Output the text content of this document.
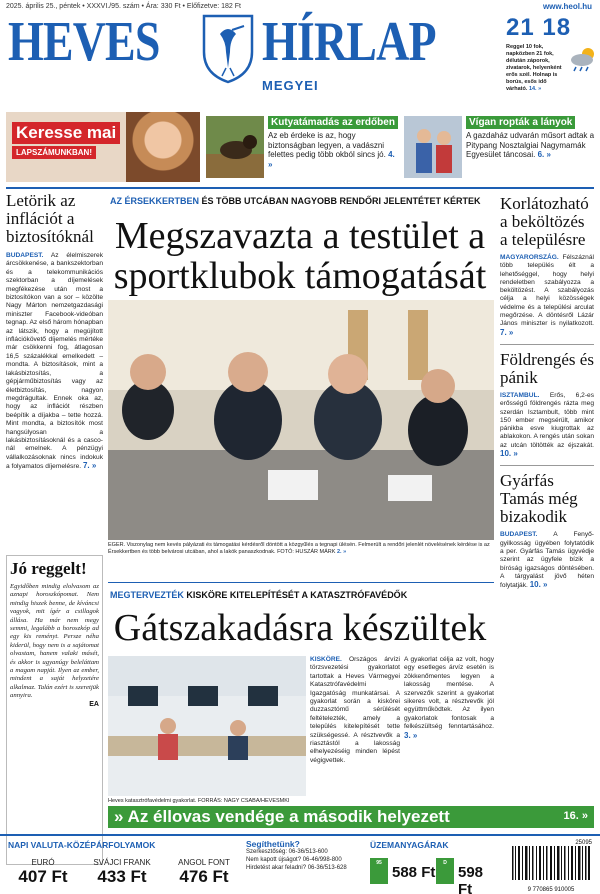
2025. április 25., péntek • XXXVI./95. szám • Ára: 330 Ft • Előfizetve: 182 Ft	www.heol.hu
HEVES HÍRLAP
MEGYEI
21 18
Reggel 10 fok, napközben 21 fok, délután záporok, zivatarok, helyenként erős szél. Holnap is borús, esős idő várható. 14. »
Keresse mai
LAPSZÁMUNKBAN!
Kutyatámadás az erdőben
Az eb érdeke is az, hogy biztonságban legyen, a vadászni felettes pedig több okból sincs jó. 4. »
Vígan ropták a lányok
A gazdaház udvarán műsort adtak a Pitypang Nosztalgiai Nagymamák Egyesület táncosai. 6. »
Letörik az inflációt a biztosítóknál
BUDAPEST. Az élelmiszerek árcsökkenése, a bankszektorban és a telekommunikációs szektorban a díjemelések megfékezése után most a biztosítókon van a sor – közölte Nagy Márton nemzetgazdasági miniszter Facebook-videóban tegnap. Az első három hónapban az látszik, hogy a megújított inflációkövető díjemelés mértéke már csökkenni fog, átlagosan 16,5 százalékkal emelkedett – mondta. A biztosítások, mint a lakásbiztosítás, a gépjárműbiztosítás vagy az életbiztosítás, nagyon megdrágultak. Ennek oka az, hogy az inflációt részben beépítik a díjakba – tette hozzá. Mint mondta, a biztosítók most hangsúlyosan a lakásbiztosításoknál és a casco-nál emelnek. A pénzügyi vállalkozásoknak nincs indokuk a folyamatos díjemelésre. 7. »
Jó reggelt!
Egyidőben mindig elolvasom az aznapi horoszkópomat. Nem mindig hiszek benne, de kíváncsi vagyok, mit ígér a csillagok állása. Ha már nem megy semmi, legalább a horoszkóp ad egy kis reményt. Persze néha kiderül, hogy nem is a sajátomat olvastam, hanem valaki másét, és akkor is ugyanúgy beleláttam a magam napját. Ilyen az ember, mindent a saját helyzetére alkalmaz. Talán ezért is szeretjük annyira.
EA
AZ ÉRSEKKERTBEN ÉS TÖBB UTCÁBAN NAGYOBB RENDŐRI JELENTÉTET KÉRTEK
Megszavazta a testület a sportklubok támogatását
EGER. Viszonylag nem kevés pályázati és támogatási kérdésről döntött a közgyűlés a tegnapi ülésén. Felmerült a rendőri jelenlét növelésének kérdése is az Érsekkertben és több belvárosi utcában, ahol a lakók panaszkodnak. FOTÓ: HUSZÁR MÁRK 2. »
Korlátozható a beköltözés a településre
MAGYARORSZÁG. Félszáznál több település élt a lehetőséggel, hogy helyi rendeletben szabályozza a beköltözést. A szabályozás célja a helyi közösségek védelme és a települési arculat megőrzése. A döntésről Lázár János miniszter is nyilatkozott. 7. »
Földrengés és pánik
ISZTAMBUL. Erős, 6,2-es erősségű földrengés rázta meg szerdán Isztambult, több mint 150 ember megsérült, amikor pánikba esve kiugrottak az ablakokon. A rengés után sokan az utcán töltötték az éjszakát. 10. »
Gyárfás Tamás még bizakodik
BUDAPEST. A Fenyő-gyilkosság ügyében folytatódik a per. Gyárfás Tamás ügyvédje szerint az ügyfele bízik a bíróság igazságos döntésében. A tárgyalást jövő héten folytatják. 10. »
MEGTERVEZTÉK KISKÖRE KITELEPÍTÉSÉT A KATASZTRÓFAVÉDŐK
Gátszakadásra készültek
Heves katasztrófavédelmi gyakorlat. FORRÁS: NAGY CSABA/HEVESMKI
KISKÖRE. Országos árvízi törzsvezetési gyakorlatot tartottak a Heves Vármegyei Katasztrófavédelmi Igazgatóság munkatársai. A gyakorlat során a kiskörei duzzasztómű sérülését feltételezték, amely a település kitelepítését tette szükségessé. A résztvevők a riasztástól a lakosság elhelyezéséig minden lépést végigvettek.
A gyakorlat célja az volt, hogy egy esetleges árvíz esetén is zökkenőmentes legyen a lakosság mentése. A szervezők szerint a gyakorlat sikeres volt, a résztvevők jól együttműködtek. Az ilyen gyakorlatok fontosak a felkészültség fenntartásához. 3. »
» Az éllovas vendége a második helyezett	16. »
NAPI VALUTA-KÖZÉPÁRFOLYAMOK
EURÓ
407 Ft
SVÁJCI FRANK
433 Ft
ANGOL FONT
476 Ft
Segíthetünk?
Szerkesztőség: 06-36/513-600
Nem kapott újságot? 06-46/998-800
Hirdetést akar feladni? 06-36/513-628
ÜZEMANYAGÁRAK
95
588 Ft
D
598 Ft
25095
9 770865 910005
